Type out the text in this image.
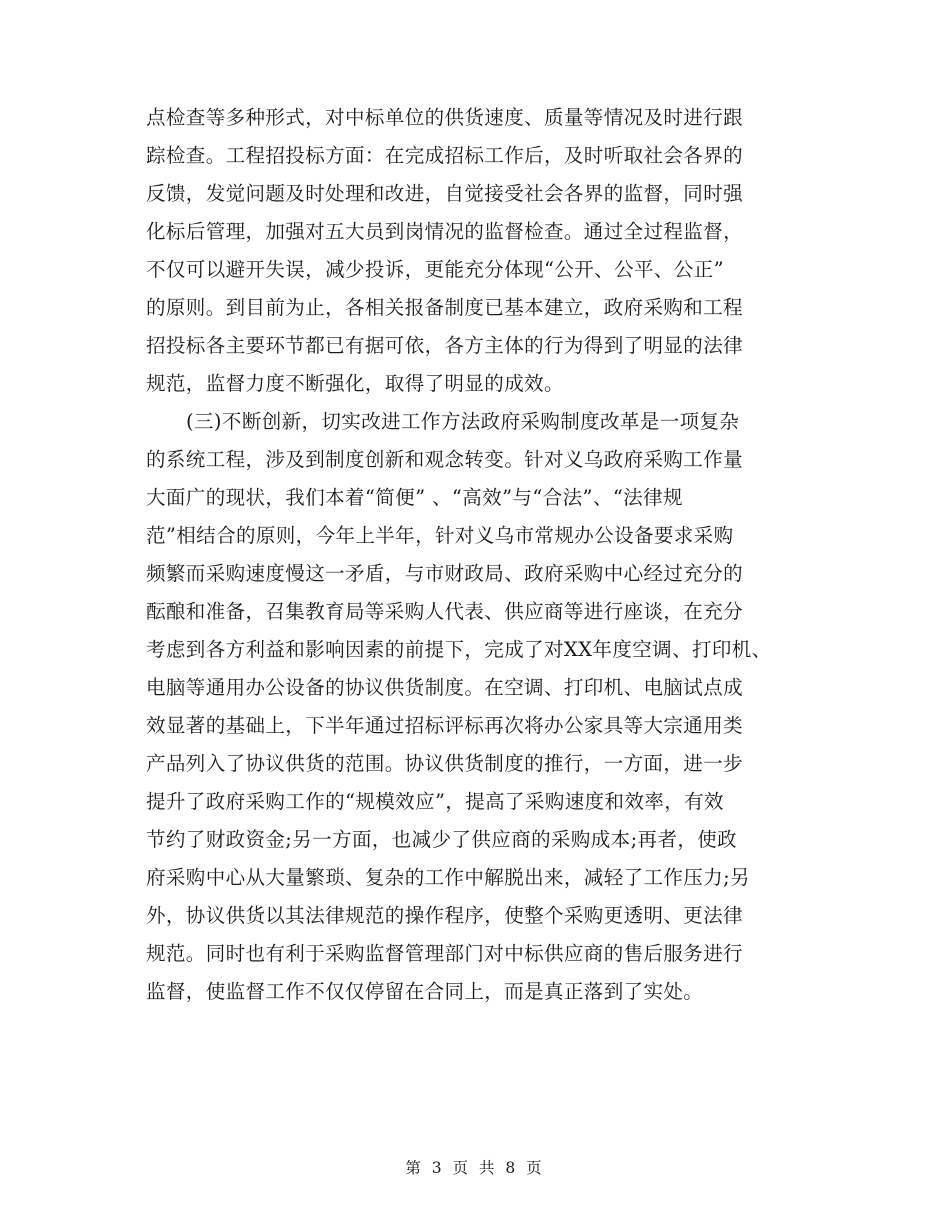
点检查等多种形式，对中标单位的供货速度、质量等情况及时进行跟
踪检查。工程招投标方面：在完成招标工作后，及时听取社会各界的
反馈，发觉问题及时处理和改进，自觉接受社会各界的监督，同时强
化标后管理，加强对五大员到岗情况的监督检查。通过全过程监督，
不仅可以避开失误，减少投诉，更能充分体现“公开、公平、公正”
的原则。到目前为止，各相关报备制度已基本建立，政府采购和工程
招投标各主要环节都已有据可依，各方主体的行为得到了明显的法律
规范，监督力度不断强化，取得了明显的成效。
(三)不断创新，切实改进工作方法政府采购制度改革是一项复杂
的系统工程，涉及到制度创新和观念转变。针对义乌政府采购工作量
大面广的现状，我们本着“简便” 、“高效”与“合法”、“法律规
范”相结合的原则，今年上半年，针对义乌市常规办公设备要求采购
频繁而采购速度慢这一矛盾，与市财政局、政府采购中心经过充分的
酝酿和准备，召集教育局等采购人代表、供应商等进行座谈，在充分
考虑到各方利益和影响因素的前提下，完成了对XX年度空调、打印机、
电脑等通用办公设备的协议供货制度。在空调、打印机、电脑试点成
效显著的基础上，下半年通过招标评标再次将办公家具等大宗通用类
产品列入了协议供货的范围。协议供货制度的推行，一方面，进一步
提升了政府采购工作的“规模效应”，提高了采购速度和效率，有效
节约了财政资金;另一方面，也减少了供应商的采购成本;再者，使政
府采购中心从大量繁琐、复杂的工作中解脱出来，减轻了工作压力;另
外，协议供货以其法律规范的操作程序，使整个采购更透明、更法律
规范。同时也有利于采购监督管理部门对中标供应商的售后服务进行
监督，使监督工作不仅仅停留在合同上，而是真正落到了实处。
第 3 页 共 8 页
